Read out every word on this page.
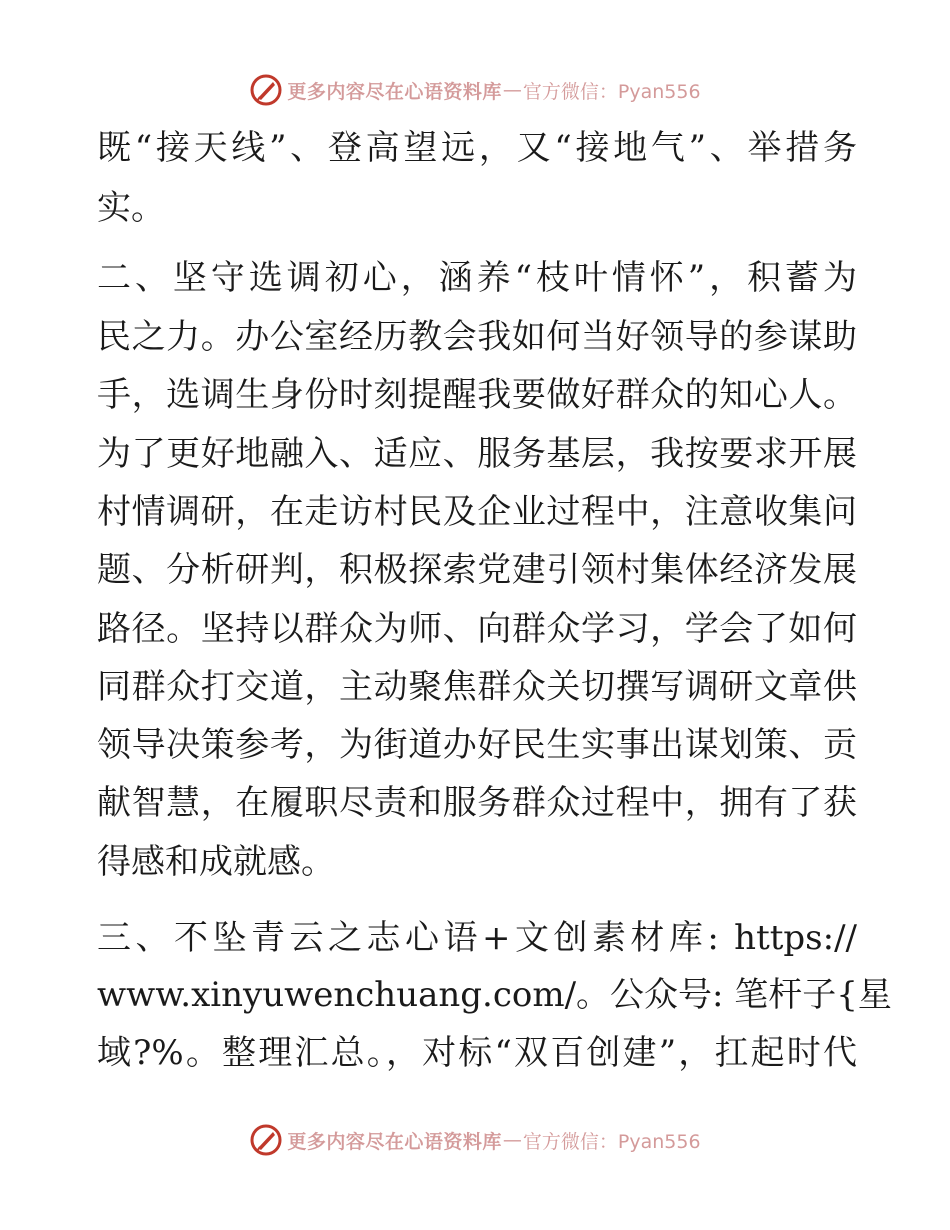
更多内容尽在心语资料库 — 官方微信：Pyan556
既“接天线”、登高望远，又“接地气”、举措务
实。
二、坚守选调初心，涵养“枝叶情怀”，积蓄为
民之力。办公室经历教会我如何当好领导的参谋助
手，选调生身份时刻提醒我要做好群众的知心人。
为了更好地融入、适应、服务基层，我按要求开展
村情调研，在走访村民及企业过程中，注意收集问
题、分析研判，积极探索党建引领村集体经济发展
路径。坚持以群众为师、向群众学习，学会了如何
同群众打交道，主动聚焦群众关切撰写调研文章供
领导决策参考，为街道办好民生实事出谋划策、贡
献智慧，在履职尽责和服务群众过程中，拥有了获
得感和成就感。
三、不坠青云之志心语+文创素材库: https://
www.xinyuwenchuang.com/。公众号: 笔杆子{星
域?%。整理汇总。，对标“双百创建”，扛起时代
更多内容尽在心语资料库 — 官方微信：Pyan556
